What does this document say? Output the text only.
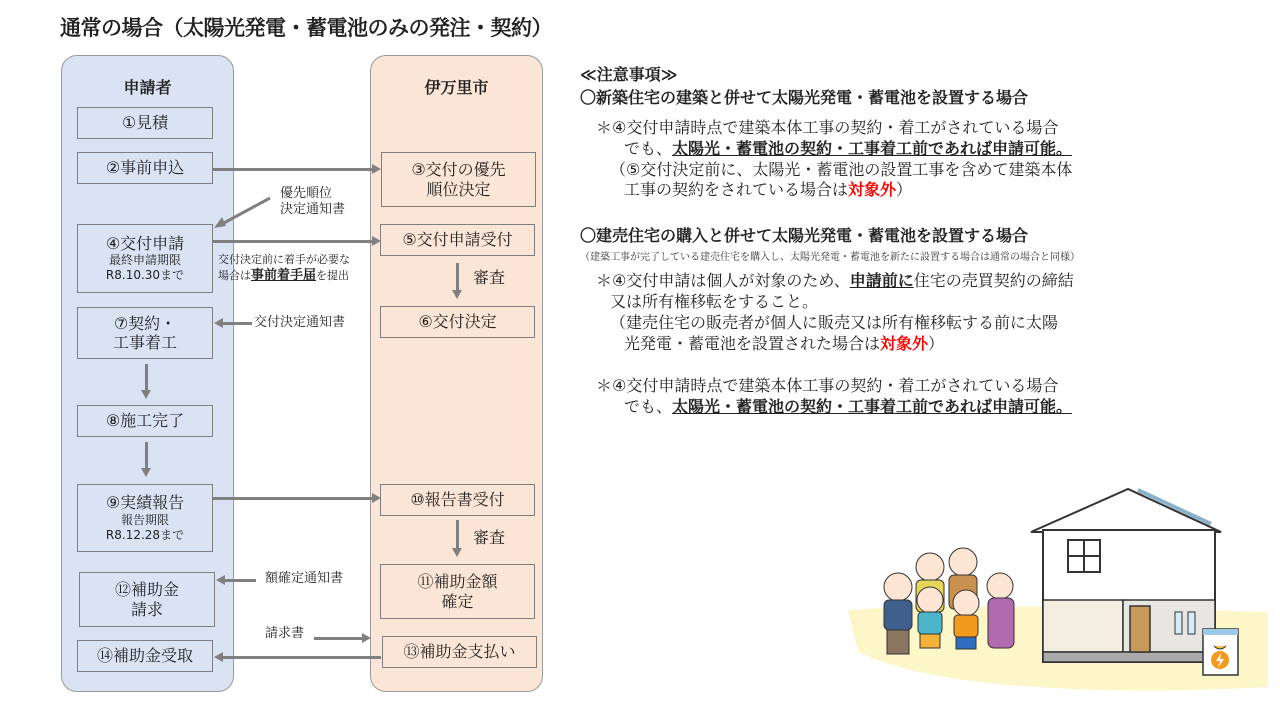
通常の場合（太陽光発電・蓄電池のみの発注・契約）
申請者
①見積
②事前申込
④交付申請
最終申請期限
R8.10.30まで
⑦契約・
工事着工
⑧施工完了
⑨実績報告
報告期限
R8.12.28まで
⑫補助金
請求
⑭補助金受取
伊万里市
③交付の優先
順位決定
⑤交付申請受付
⑥交付決定
⑩報告書受付
⑪補助金額
確定
⑬補助金支払い
優先順位
決定通知書
交付決定前に着手が必要な
場合は事前着手届を提出	審査
交付決定通知書
審査
額確定通知書
請求書
≪注意事項≫
〇新築住宅の建築と併せて太陽光発電・蓄電池を設置する場合

＊④交付申請時点で建築本体工事の契約・着工がされている場合

でも、太陽光・蓄電池の契約・工事着工前であれば申請可能。

（⑤交付決定前に、太陽光・蓄電池の設置工事を含めて建築本体

工事の契約をされている場合は対象外）

〇建売住宅の購入と併せて太陽光発電・蓄電池を設置する場合
（建築工事が完了している建売住宅を購入し、太陽光発電・蓄電池を新たに設置する場合は通常の場合と同様）

＊④交付申請は個人が対象のため、申請前に住宅の売買契約の締結

又は所有権移転をすること。

（建売住宅の販売者が個人に販売又は所有権移転する前に太陽

光発電・蓄電池を設置された場合は対象外）

＊④交付申請時点で建築本体工事の契約・着工がされている場合

でも、太陽光・蓄電池の契約・工事着工前であれば申請可能。
